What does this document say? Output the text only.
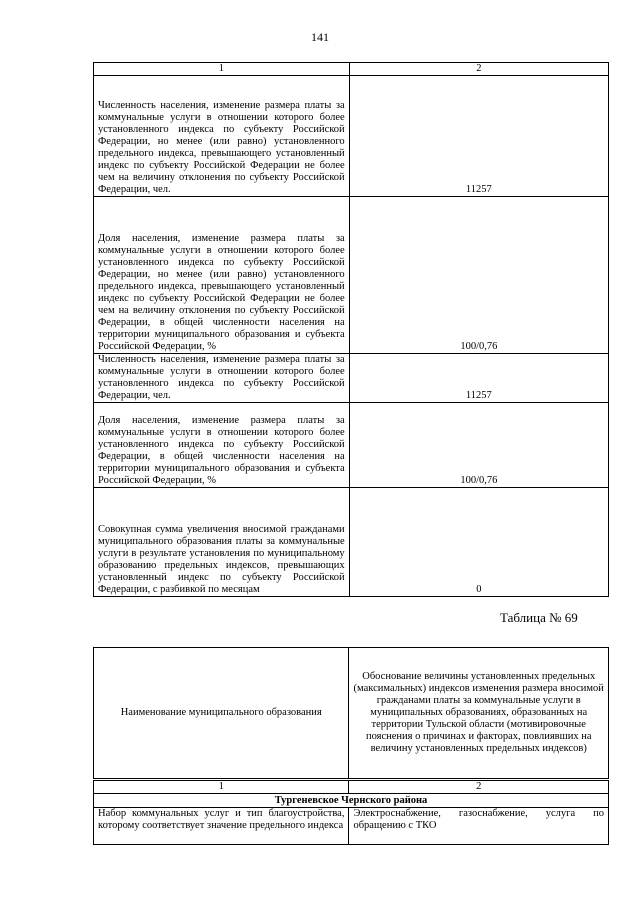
141
1	2
Численность населения, изменение размера платы за коммунальные услуги в отношении которого более установленного индекса по субъекту Российской Федерации, но менее (или равно) установленного предельного индекса, превышающего установленный индекс по субъекту Российской Федерации не более чем на величину отклонения по субъекту Российской Федерации, чел.	11257
Доля населения, изменение размера платы за коммунальные услуги в отношении которого более установленного индекса по субъекту Российской Федерации, но менее (или равно) установленного предельного индекса, превышающего установленный индекс по субъекту Российской Федерации не более чем на величину отклонения по субъекту Российской Федерации, в общей численности населения на территории муниципального образования и субъекта Российской Федерации, %	100/0,76
Численность населения, изменение размера платы за коммунальные услуги в отношении которого более установленного индекса по субъекту Российской Федерации, чел.	11257
Доля населения, изменение размера платы за коммунальные услуги в отношении которого более установленного индекса по субъекту Российской Федерации, в общей численности населения на территории муниципального образования и субъекта Российской Федерации, %	100/0,76
Совокупная сумма увеличения вносимой гражданами муниципального образования платы за коммунальные услуги в результате установления по муниципальному образованию предельных индексов, превышающих установленный индекс по субъекту Российской Федерации, с разбивкой по месяцам	0
Таблица № 69
Наименование муниципального образования	Обоснование величины установленных предельных (максимальных) индексов изменения размера вносимой гражданами платы за коммунальные услуги в муниципальных образованиях, образованных на территории Тульской области (мотивировочные пояснения о причинах и факторах, повлиявших на величину установленных предельных индексов)
1	2
Тургеневское Чернского района	
Набор коммунальных услуг и тип благоустройства, которому соответствует значение предельного индекса	Электроснабжение, газоснабжение, услуга по обращению с ТКО
